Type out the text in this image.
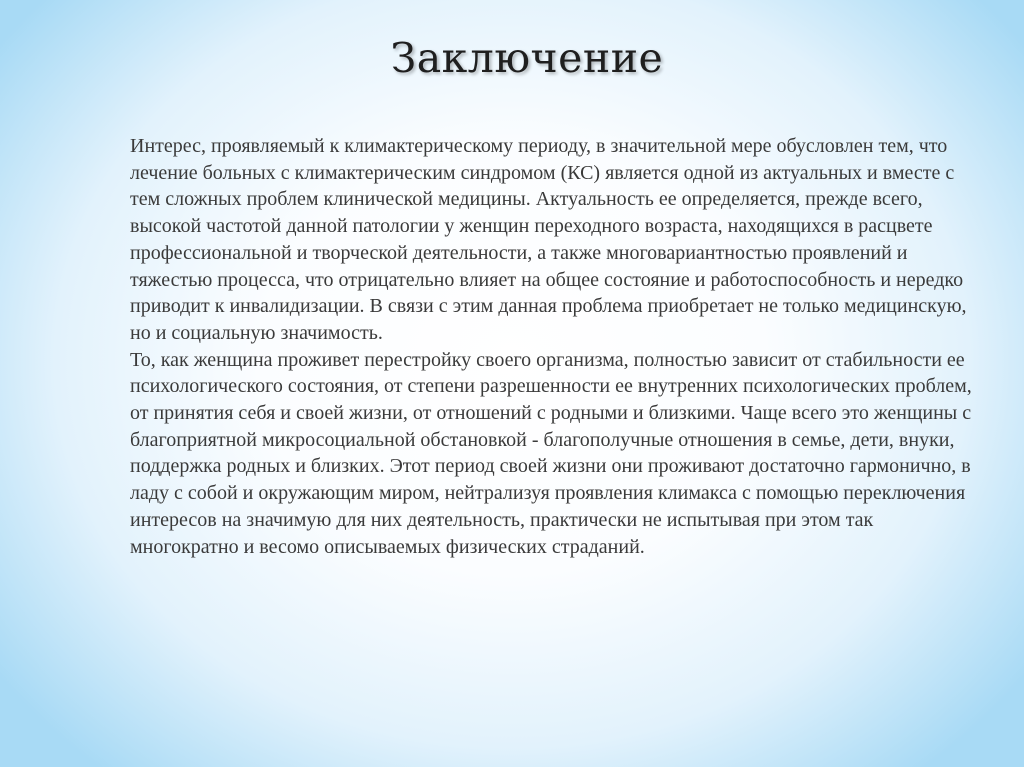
Заключение

Интерес, проявляемый к климактерическому периоду, в значительной мере обусловлен тем, что лечение больных с климактерическим синдромом (КС) является одной из актуальных и вместе с тем сложных проблем клинической медицины. Актуальность ее определяется, прежде всего, высокой частотой данной патологии у женщин переходного возраста, находящихся в расцвете профессиональной и творческой деятельности, а также многовариантностью проявлений и тяжестью процесса, что отрицательно влияет на общее состояние и работоспособность и нередко приводит к инвалидизации. В связи с этим данная проблема приобретает не только медицинскую, но и социальную значимость.

То, как женщина проживет перестройку своего организма, полностью зависит от стабильности ее психологического состояния, от степени разрешенности ее внутренних психологических проблем, от принятия себя и своей жизни, от отношений с родными и близкими. Чаще всего это женщины с благоприятной микросоциальной обстановкой - благополучные отношения в семье, дети, внуки, поддержка родных и близких. Этот период своей жизни они проживают достаточно гармонично, в ладу с собой и окружающим миром, нейтрализуя проявления климакса с помощью переключения интересов на значимую для них деятельность, практически не испытывая при этом так многократно и весомо описываемых физических страданий.
